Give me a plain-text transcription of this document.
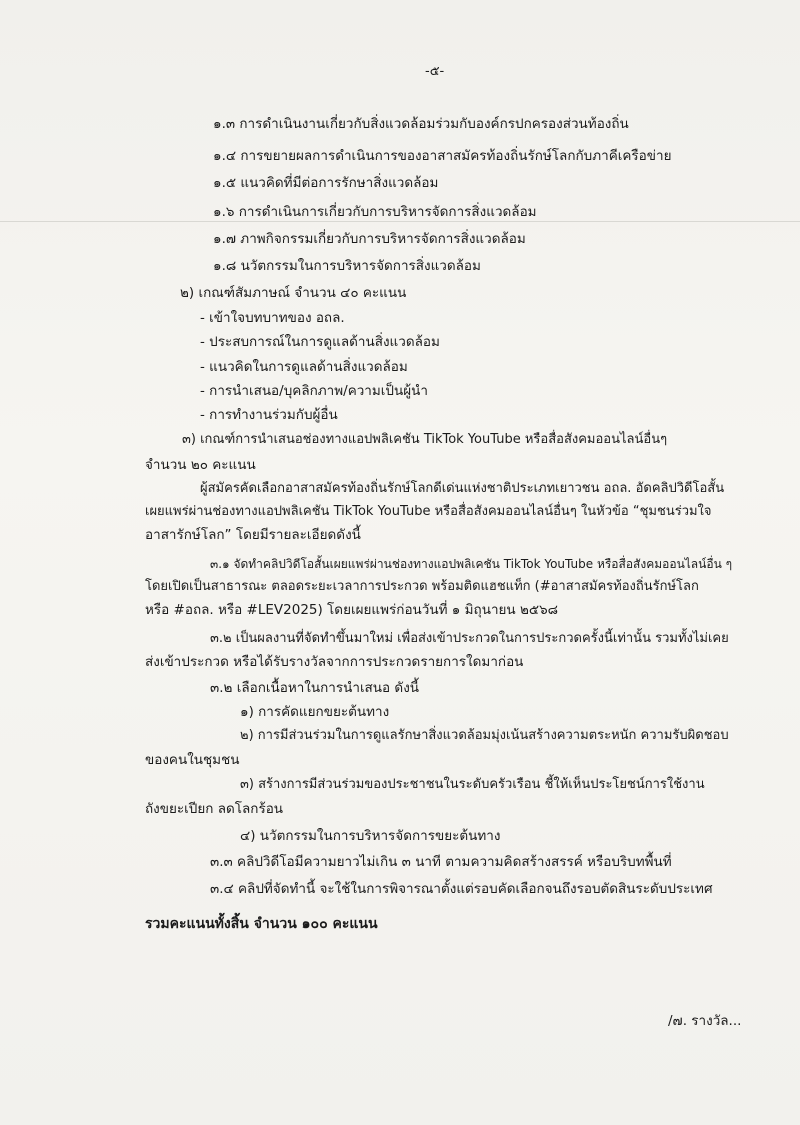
-๕-
๑.๓ การดำเนินงานเกี่ยวกับสิ่งแวดล้อมร่วมกับองค์กรปกครองส่วนท้องถิ่น
๑.๔ การขยายผลการดำเนินการของอาสาสมัครท้องถิ่นรักษ์โลกกับภาคีเครือข่าย
๑.๕ แนวคิดที่มีต่อการรักษาสิ่งแวดล้อม
๑.๖ การดำเนินการเกี่ยวกับการบริหารจัดการสิ่งแวดล้อม
๑.๗ ภาพกิจกรรมเกี่ยวกับการบริหารจัดการสิ่งแวดล้อม
๑.๘ นวัตกรรมในการบริหารจัดการสิ่งแวดล้อม
๒) เกณฑ์สัมภาษณ์ จำนวน ๔๐ คะแนน
- เข้าใจบทบาทของ อถล.
- ประสบการณ์ในการดูแลด้านสิ่งแวดล้อม
- แนวคิดในการดูแลด้านสิ่งแวดล้อม
- การนำเสนอ/บุคลิกภาพ/ความเป็นผู้นำ
- การทำงานร่วมกับผู้อื่น
๓) เกณฑ์การนำเสนอช่องทางแอปพลิเคชัน TikTok YouTube หรือสื่อสังคมออนไลน์อื่นๆ
จำนวน ๒๐ คะแนน
ผู้สมัครคัดเลือกอาสาสมัครท้องถิ่นรักษ์โลกดีเด่นแห่งชาติประเภทเยาวชน อถล. อัดคลิปวิดีโอสั้น
เผยแพร่ผ่านช่องทางแอปพลิเคชัน TikTok YouTube หรือสื่อสังคมออนไลน์อื่นๆ ในหัวข้อ “ชุมชนร่วมใจ
อาสารักษ์โลก” โดยมีรายละเอียดดังนี้
๓.๑ จัดทำคลิปวิดีโอสั้นเผยแพร่ผ่านช่องทางแอปพลิเคชัน TikTok YouTube หรือสื่อสังคมออนไลน์อื่น ๆ
โดยเปิดเป็นสาธารณะ ตลอดระยะเวลาการประกวด พร้อมติดแฮชแท็ก (#อาสาสมัครท้องถิ่นรักษ์โลก
หรือ #อถล. หรือ #LEV2025) โดยเผยแพร่ก่อนวันที่ ๑ มิถุนายน ๒๕๖๘
๓.๒ เป็นผลงานที่จัดทำขึ้นมาใหม่ เพื่อส่งเข้าประกวดในการประกวดครั้งนี้เท่านั้น รวมทั้งไม่เคย
ส่งเข้าประกวด หรือได้รับรางวัลจากการประกวดรายการใดมาก่อน
๓.๒ เลือกเนื้อหาในการนำเสนอ ดังนี้
๑) การคัดแยกขยะต้นทาง
๒) การมีส่วนร่วมในการดูแลรักษาสิ่งแวดล้อมมุ่งเน้นสร้างความตระหนัก ความรับผิดชอบ
ของคนในชุมชน
๓) สร้างการมีส่วนร่วมของประชาชนในระดับครัวเรือน ชี้ให้เห็นประโยชน์การใช้งาน
ถังขยะเปียก ลดโลกร้อน
๔) นวัตกรรมในการบริหารจัดการขยะต้นทาง
๓.๓ คลิปวิดีโอมีความยาวไม่เกิน ๓ นาที ตามความคิดสร้างสรรค์ หรือบริบทพื้นที่
๓.๔ คลิปที่จัดทำนี้ จะใช้ในการพิจารณาตั้งแต่รอบคัดเลือกจนถึงรอบตัดสินระดับประเทศ
รวมคะแนนทั้งสิ้น จำนวน ๑๐๐ คะแนน
/๗. รางวัล...
